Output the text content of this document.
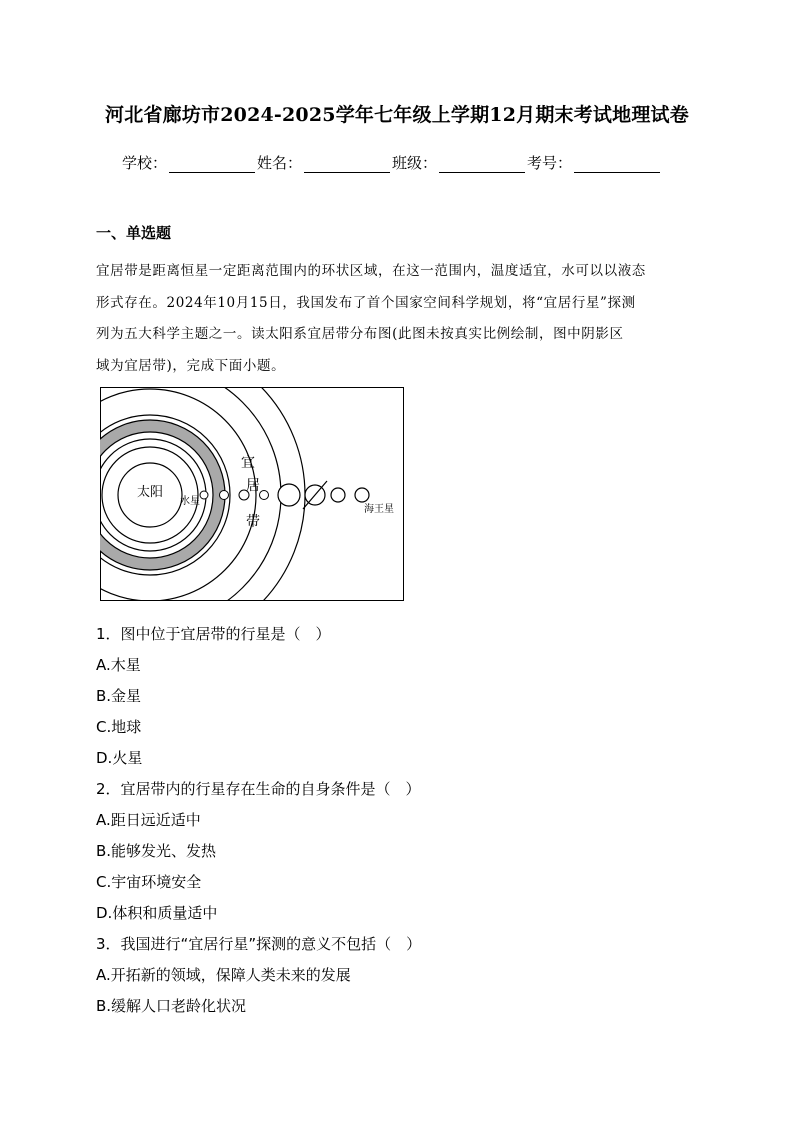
河北省廊坊市2024-2025学年七年级上学期12月期末考试地理试卷
学校：	姓名：	班级：	考号：
一、单选题

宜居带是距离恒星一定距离范围内的环状区域，在这一范围内，温度适宜，水可以以液态

形式存在。2024年10月15日，我国发布了首个国家空间科学规划，将“宜居行星”探测

列为五大科学主题之一。读太阳系宜居带分布图(此图未按真实比例绘制，图中阴影区

域为宜居带)，完成下面小题。

太阳
水星
海王星
宜
居
带
1．图中位于宜居带的行星是（　）
A.木星
B.金星
C.地球
D.火星
2．宜居带内的行星存在生命的自身条件是（　）
A.距日远近适中
B.能够发光、发热
C.宇宙环境安全
D.体积和质量适中
3．我国进行“宜居行星”探测的意义不包括（　）
A.开拓新的领域，保障人类未来的发展
B.缓解人口老龄化状况
